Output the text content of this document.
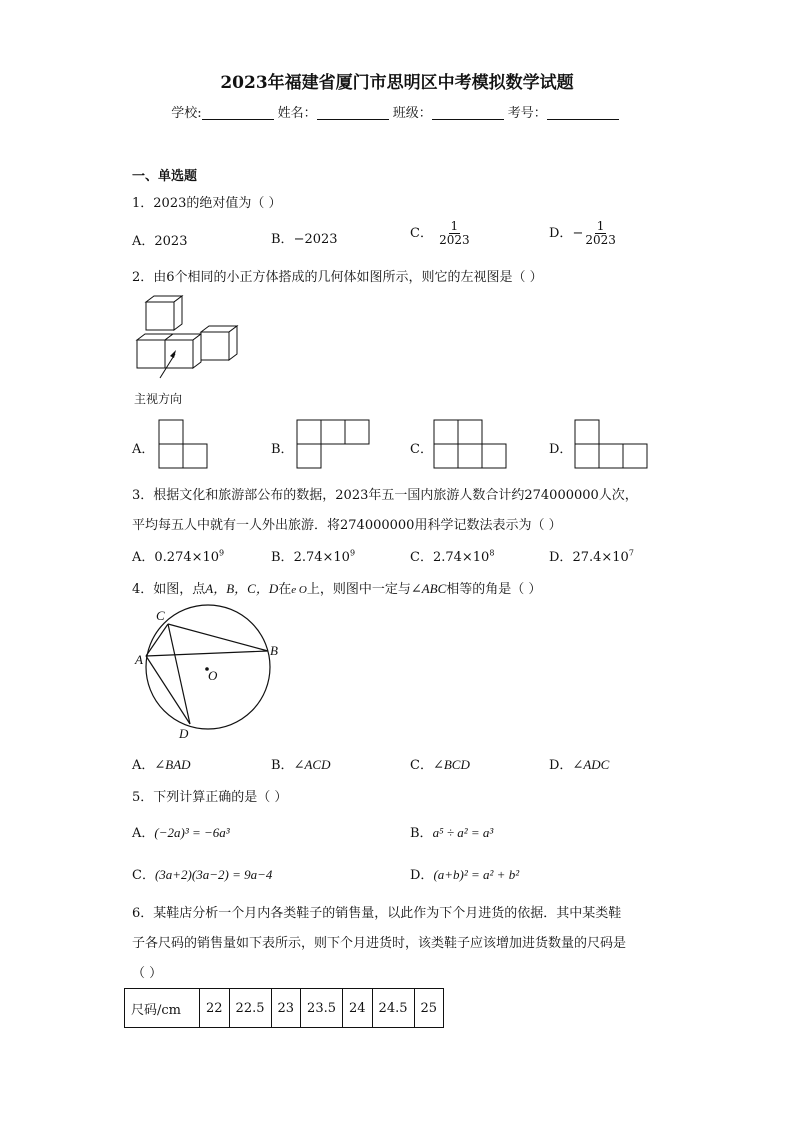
2023年福建省厦门市思明区中考模拟数学试题
学校:	姓名：	班级：	考号：
一、单选题
1．2023的绝对值为（ ）
A．2023	B．−2023	C． $\frac{1}{2023}$	D．− $\frac{1}{2023}$
2．由6个相同的小正方体搭成的几何体如图所示，则它的左视图是（ ）
主视方向
A．	B．	C．	D．
3．根据文化和旅游部公布的数据，2023年五一国内旅游人数合计约274000000人次，
平均每五人中就有一人外出旅游．将274000000用科学记数法表示为（ ）
A．$0.274\times 10^9$	B．$2.74\times 10^9$	C．$2.74\times 10^8$	D．$27.4\times 10^7$
4．如图，点A，B，C，D在e O上，则图中一定与∠ABC相等的角是（ ）
C
A
B
O
D
A．∠BAD	B．∠ACD	C．∠BCD	D．∠ADC
5．下列计算正确的是（ ）
A．(−2a)³ = −6a³	B．a⁵ ÷ a² = a³
C．(3a+2)(3a−2) = 9a−4	D．(a+b)² = a² + b²
6．某鞋店分析一个月内各类鞋子的销售量，以此作为下个月进货的依据．其中某类鞋
子各尺码的销售量如下表所示，则下个月进货时，该类鞋子应该增加进货数量的尺码是
（ ）
尺码/cm	22	22.5	23	23.5	24	24.5	25
